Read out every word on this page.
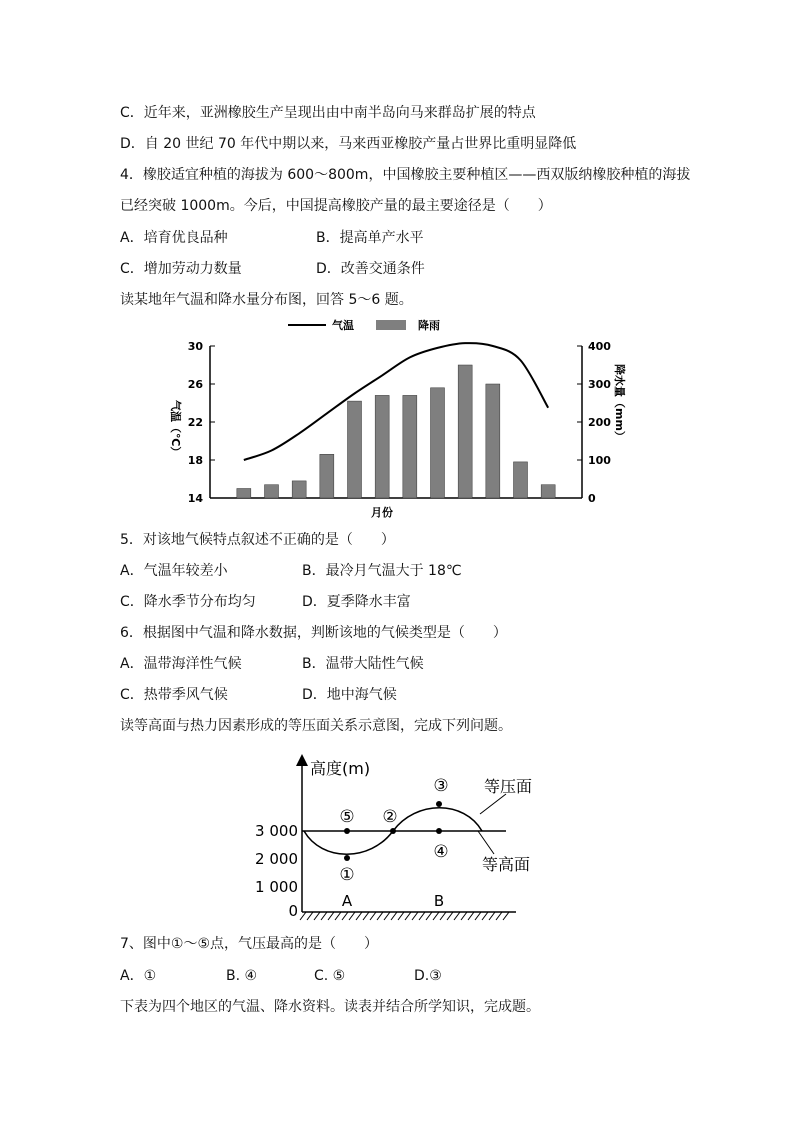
C．近年来，亚洲橡胶生产呈现出由中南半岛向马来群岛扩展的特点
D．自 20 世纪 70 年代中期以来，马来西亚橡胶产量占世界比重明显降低
4．橡胶适宜种植的海拔为 600～800m，中国橡胶主要种植区——西双版纳橡胶种植的海拔
已经突破 1000m。今后，中国提高橡胶产量的最主要途径是（　　）
A．培育优良品种	B．提高单产水平
C．增加劳动力数量	D．改善交通条件
读某地年气温和降水量分布图，回答 5～6 题。
气温	降雨
14
18
22
26
30
0
100
200
300
400
月份
气温（℃）	降水量（mm）
5．对该地气候特点叙述不正确的是（　　）
A．气温年较差小	B．最冷月气温大于 18℃
C．降水季节分布均匀	D．夏季降水丰富
6．根据图中气温和降水数据，判断该地的气候类型是（　　）
A．温带海洋性气候	B．温带大陆性气候
C．热带季风气候	D．地中海气候
读等高面与热力因素形成的等压面关系示意图，完成下列问题。
高度(m)
3 000
2 000
1 000
0
①
②
③
④
⑤
A	B
等压面
等高面
7、图中①～⑤点，气压最高的是（　　）
A．①	B. ④	C. ⑤	D.③
下表为四个地区的气温、降水资料。读表并结合所学知识，完成题。
